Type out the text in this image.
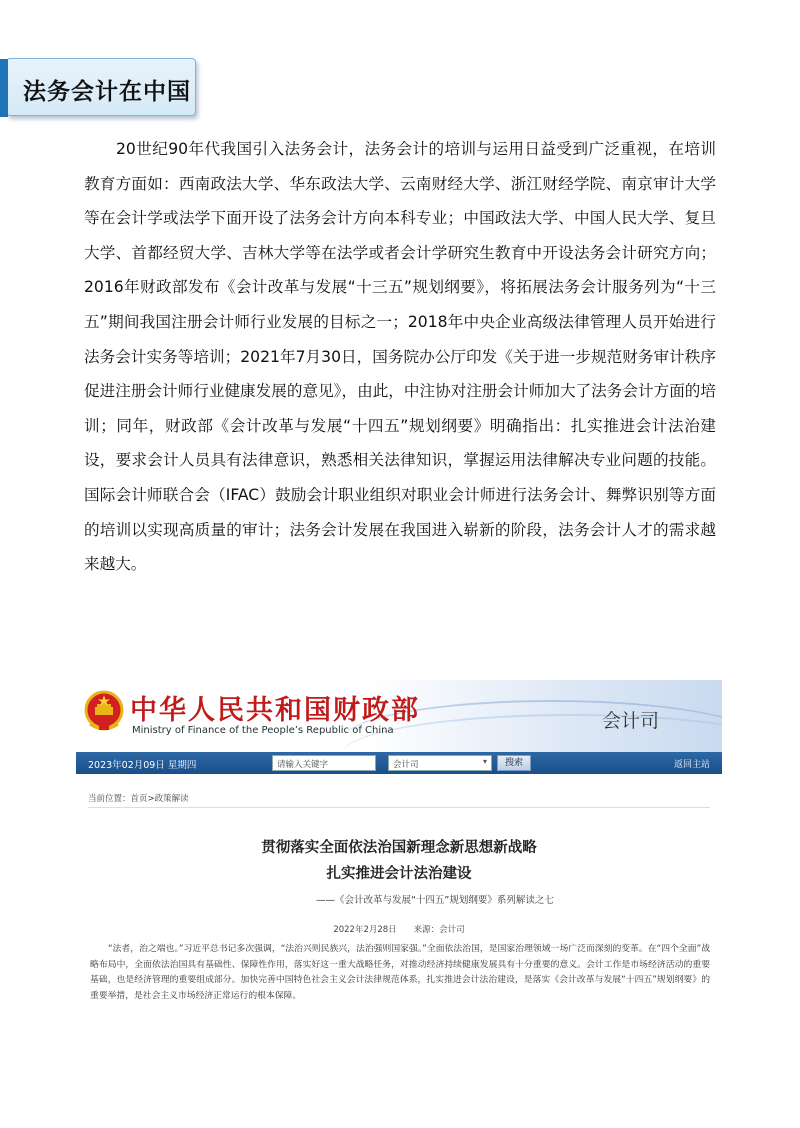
法务会计在中国
20世纪90年代我国引入法务会计，法务会计的培训与运用日益受到广泛重视，在培训教育方面如：西南政法大学、华东政法大学、云南财经大学、浙江财经学院、南京审计大学等在会计学或法学下面开设了法务会计方向本科专业；中国政法大学、中国人民大学、复旦大学、首都经贸大学、吉林大学等在法学或者会计学研究生教育中开设法务会计研究方向；2016年财政部发布《会计改革与发展“十三五”规划纲要》，将拓展法务会计服务列为“十三五”期间我国注册会计师行业发展的目标之一；2018年中央企业高级法律管理人员开始进行法务会计实务等培训；2021年7月30日，国务院办公厅印发《关于进一步规范财务审计秩序促进注册会计师行业健康发展的意见》，由此，中注协对注册会计师加大了法务会计方面的培训；同年，财政部《会计改革与发展“十四五”规划纲要》明确指出：扎实推进会计法治建设，要求会计人员具有法律意识，熟悉相关法律知识，掌握运用法律解决专业问题的技能。国际会计师联合会（IFAC）鼓励会计职业组织对职业会计师进行法务会计、舞弊识别等方面的培训以实现高质量的审计；法务会计发展在我国进入崭新的阶段，法务会计人才的需求越来越大。
中华人民共和国财政部
Ministry of Finance of the People’s Republic of China	会计司
2023年02月09日 星期四	请输入关键字	会计司	▾	搜索	返回主站
当前位置：首页>政策解读
贯彻落实全面依法治国新理念新思想新战略
扎实推进会计法治建设
——《会计改革与发展“十四五”规划纲要》系列解读之七
2022年2月28日　　来源：会计司
“法者，治之端也。”习近平总书记多次强调，“法治兴则民族兴，法治强则国家强。”全面依法治国，是国家治理领域一场广泛而深刻的变革。在“四个全面”战略布局中，全面依法治国具有基础性、保障性作用，落实好这一重大战略任务，对推动经济持续健康发展具有十分重要的意义。会计工作是市场经济活动的重要基础，也是经济管理的重要组成部分。加快完善中国特色社会主义会计法律规范体系，扎实推进会计法治建设，是落实《会计改革与发展“十四五”规划纲要》的重要举措，是社会主义市场经济正常运行的根本保障。
